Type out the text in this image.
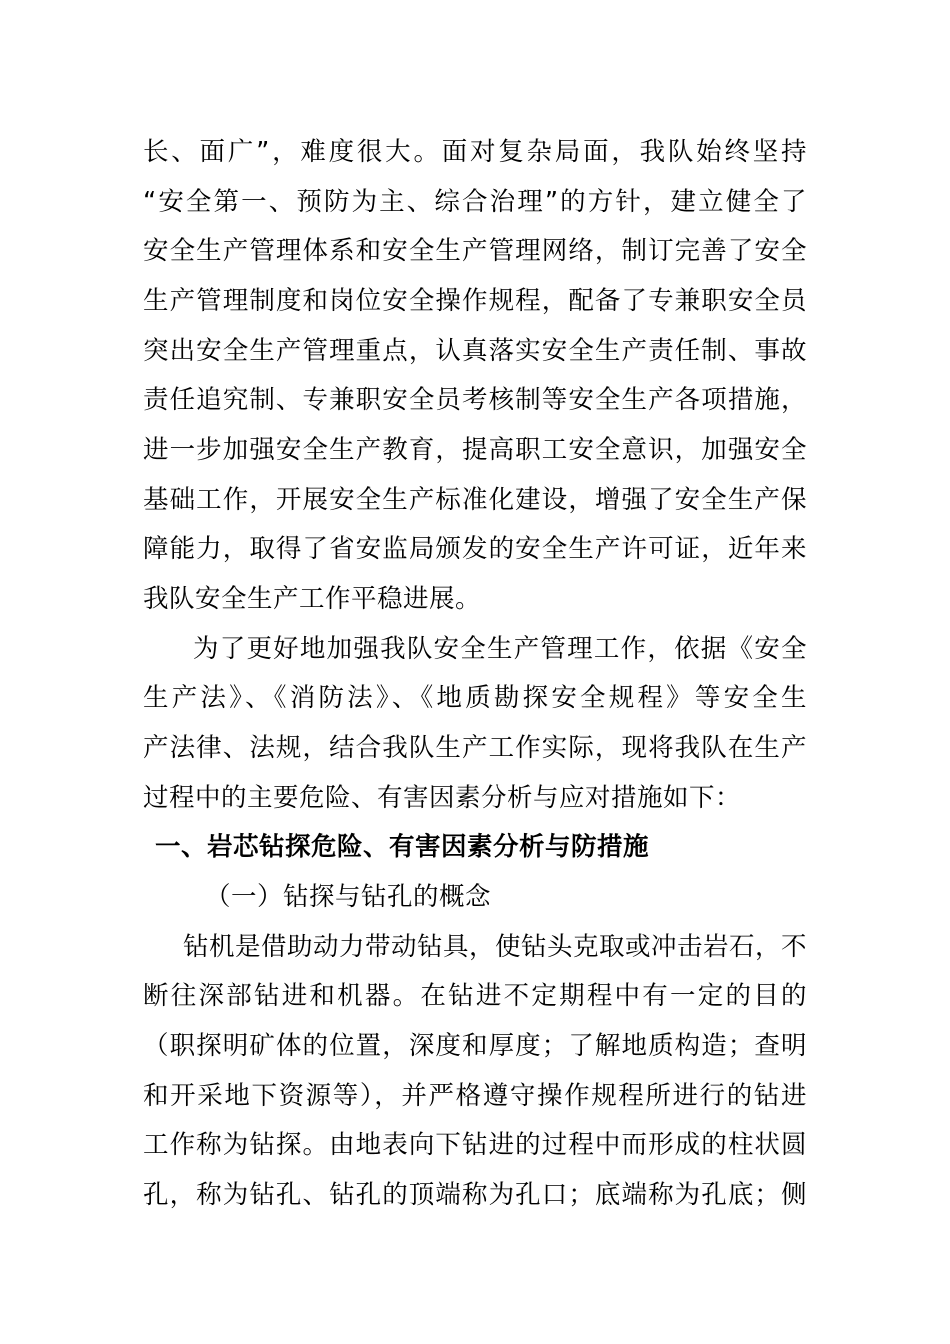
长、面广”，难度很大。面对复杂局面，我队始终坚持
“安全第一、预防为主、综合治理”的方针，建立健全了
安全生产管理体系和安全生产管理网络，制订完善了安全
生产管理制度和岗位安全操作规程，配备了专兼职安全员
突出安全生产管理重点，认真落实安全生产责任制、事故
责任追究制、专兼职安全员考核制等安全生产各项措施，
进一步加强安全生产教育，提高职工安全意识，加强安全
基础工作，开展安全生产标准化建设，增强了安全生产保
障能力，取得了省安监局颁发的安全生产许可证，近年来
我队安全生产工作平稳进展。
为了更好地加强我队安全生产管理工作，依据《安全
生产法》、《消防法》、《地质勘探安全规程》等安全生
产法律、法规，结合我队生产工作实际，现将我队在生产
过程中的主要危险、有害因素分析与应对措施如下：
一、岩芯钻探危险、有害因素分析与防措施
（一）钻探与钻孔的概念
钻机是借助动力带动钻具，使钻头克取或冲击岩石，不
断往深部钻进和机器。在钻进不定期程中有一定的目的
（职探明矿体的位置，深度和厚度；了解地质构造；查明
和开采地下资源等），并严格遵守操作规程所进行的钻进
工作称为钻探。由地表向下钻进的过程中而形成的柱状圆
孔，称为钻孔、钻孔的顶端称为孔口；底端称为孔底；侧
